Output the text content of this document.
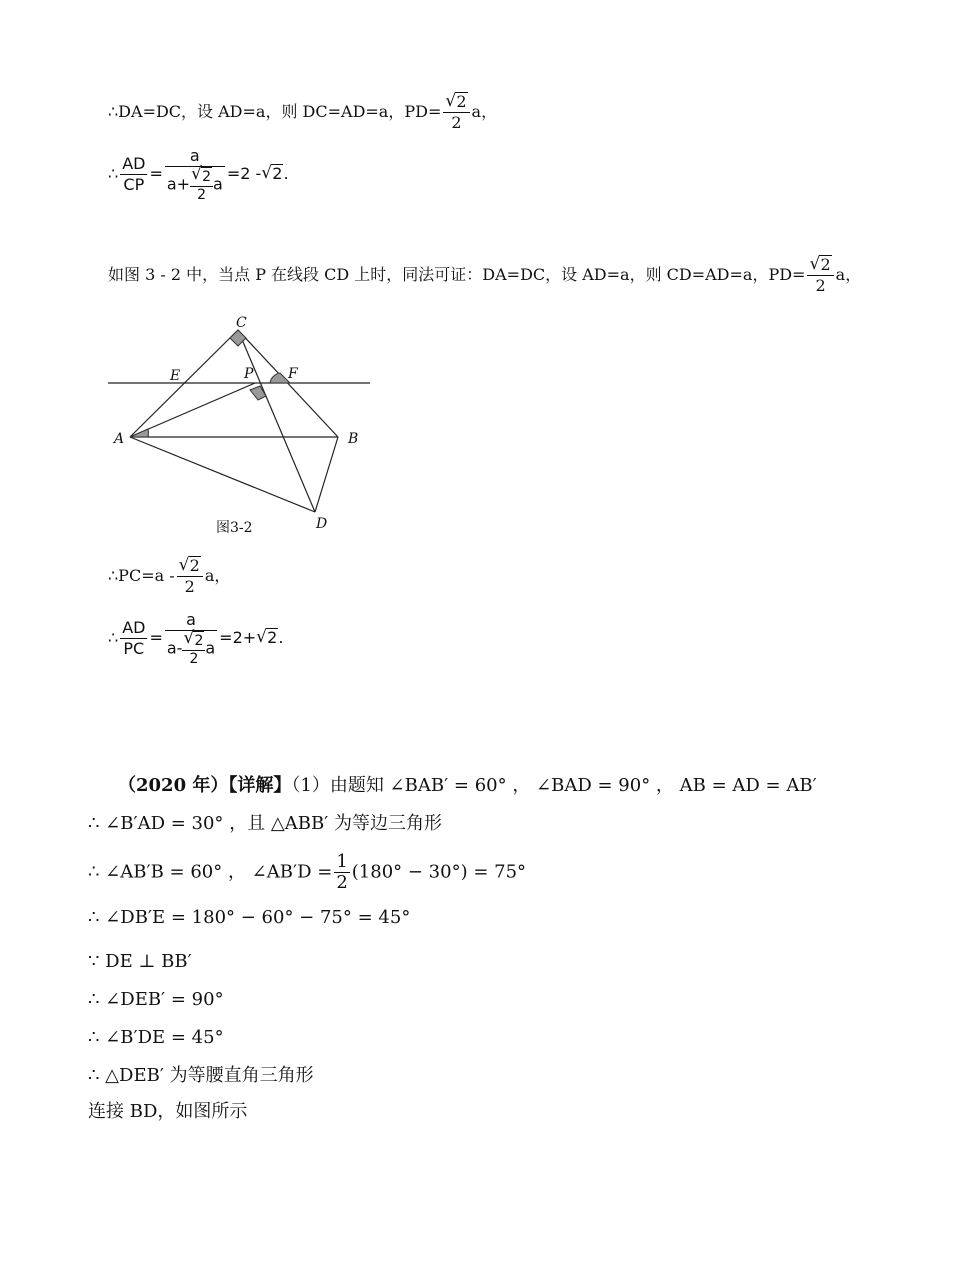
∴DA=DC，设 AD=a，则 DC=AD=a，$PD= \frac{√ 2}{2}$ a，
∴ $\frac{AD}{CP} = \frac{a}{a+ \frac{√ 2}{2} a} =2$ - √ 2.
如图 3 - 2 中，当点 P 在线段 CD 上时，同法可证：DA=DC，设 AD=a，则 CD=AD=a，$PD= \frac{√ 2}{2}$ a，
C
E	P F
A	B
D
图3-2
∴PC=a - $\frac{√ 2}{2}$ a，
∴ $\frac{AD}{PC} = \frac{a}{a- \frac{√ 2}{2} a} =2+$ √ 2.
（2020 年）【详解】（1）由题知 ∠BAB′ = 60° ， ∠BAD = 90° ， AB = AD = AB′
∴ ∠B′AD = 30° ，且 △ABB′ 为等边三角形
∴ ∠AB′B = 60° ， ∠AB′D = $\frac{1}{2} (180^\circ - 30^\circ) = 75^\circ$
∴ ∠DB′E = 180° − 60° − 75° = 45°
∵ DE ⊥ BB′
∴ ∠DEB′ = 90°
∴ ∠B′DE = 45°
∴ △DEB′ 为等腰直角三角形
连接 BD，如图所示
